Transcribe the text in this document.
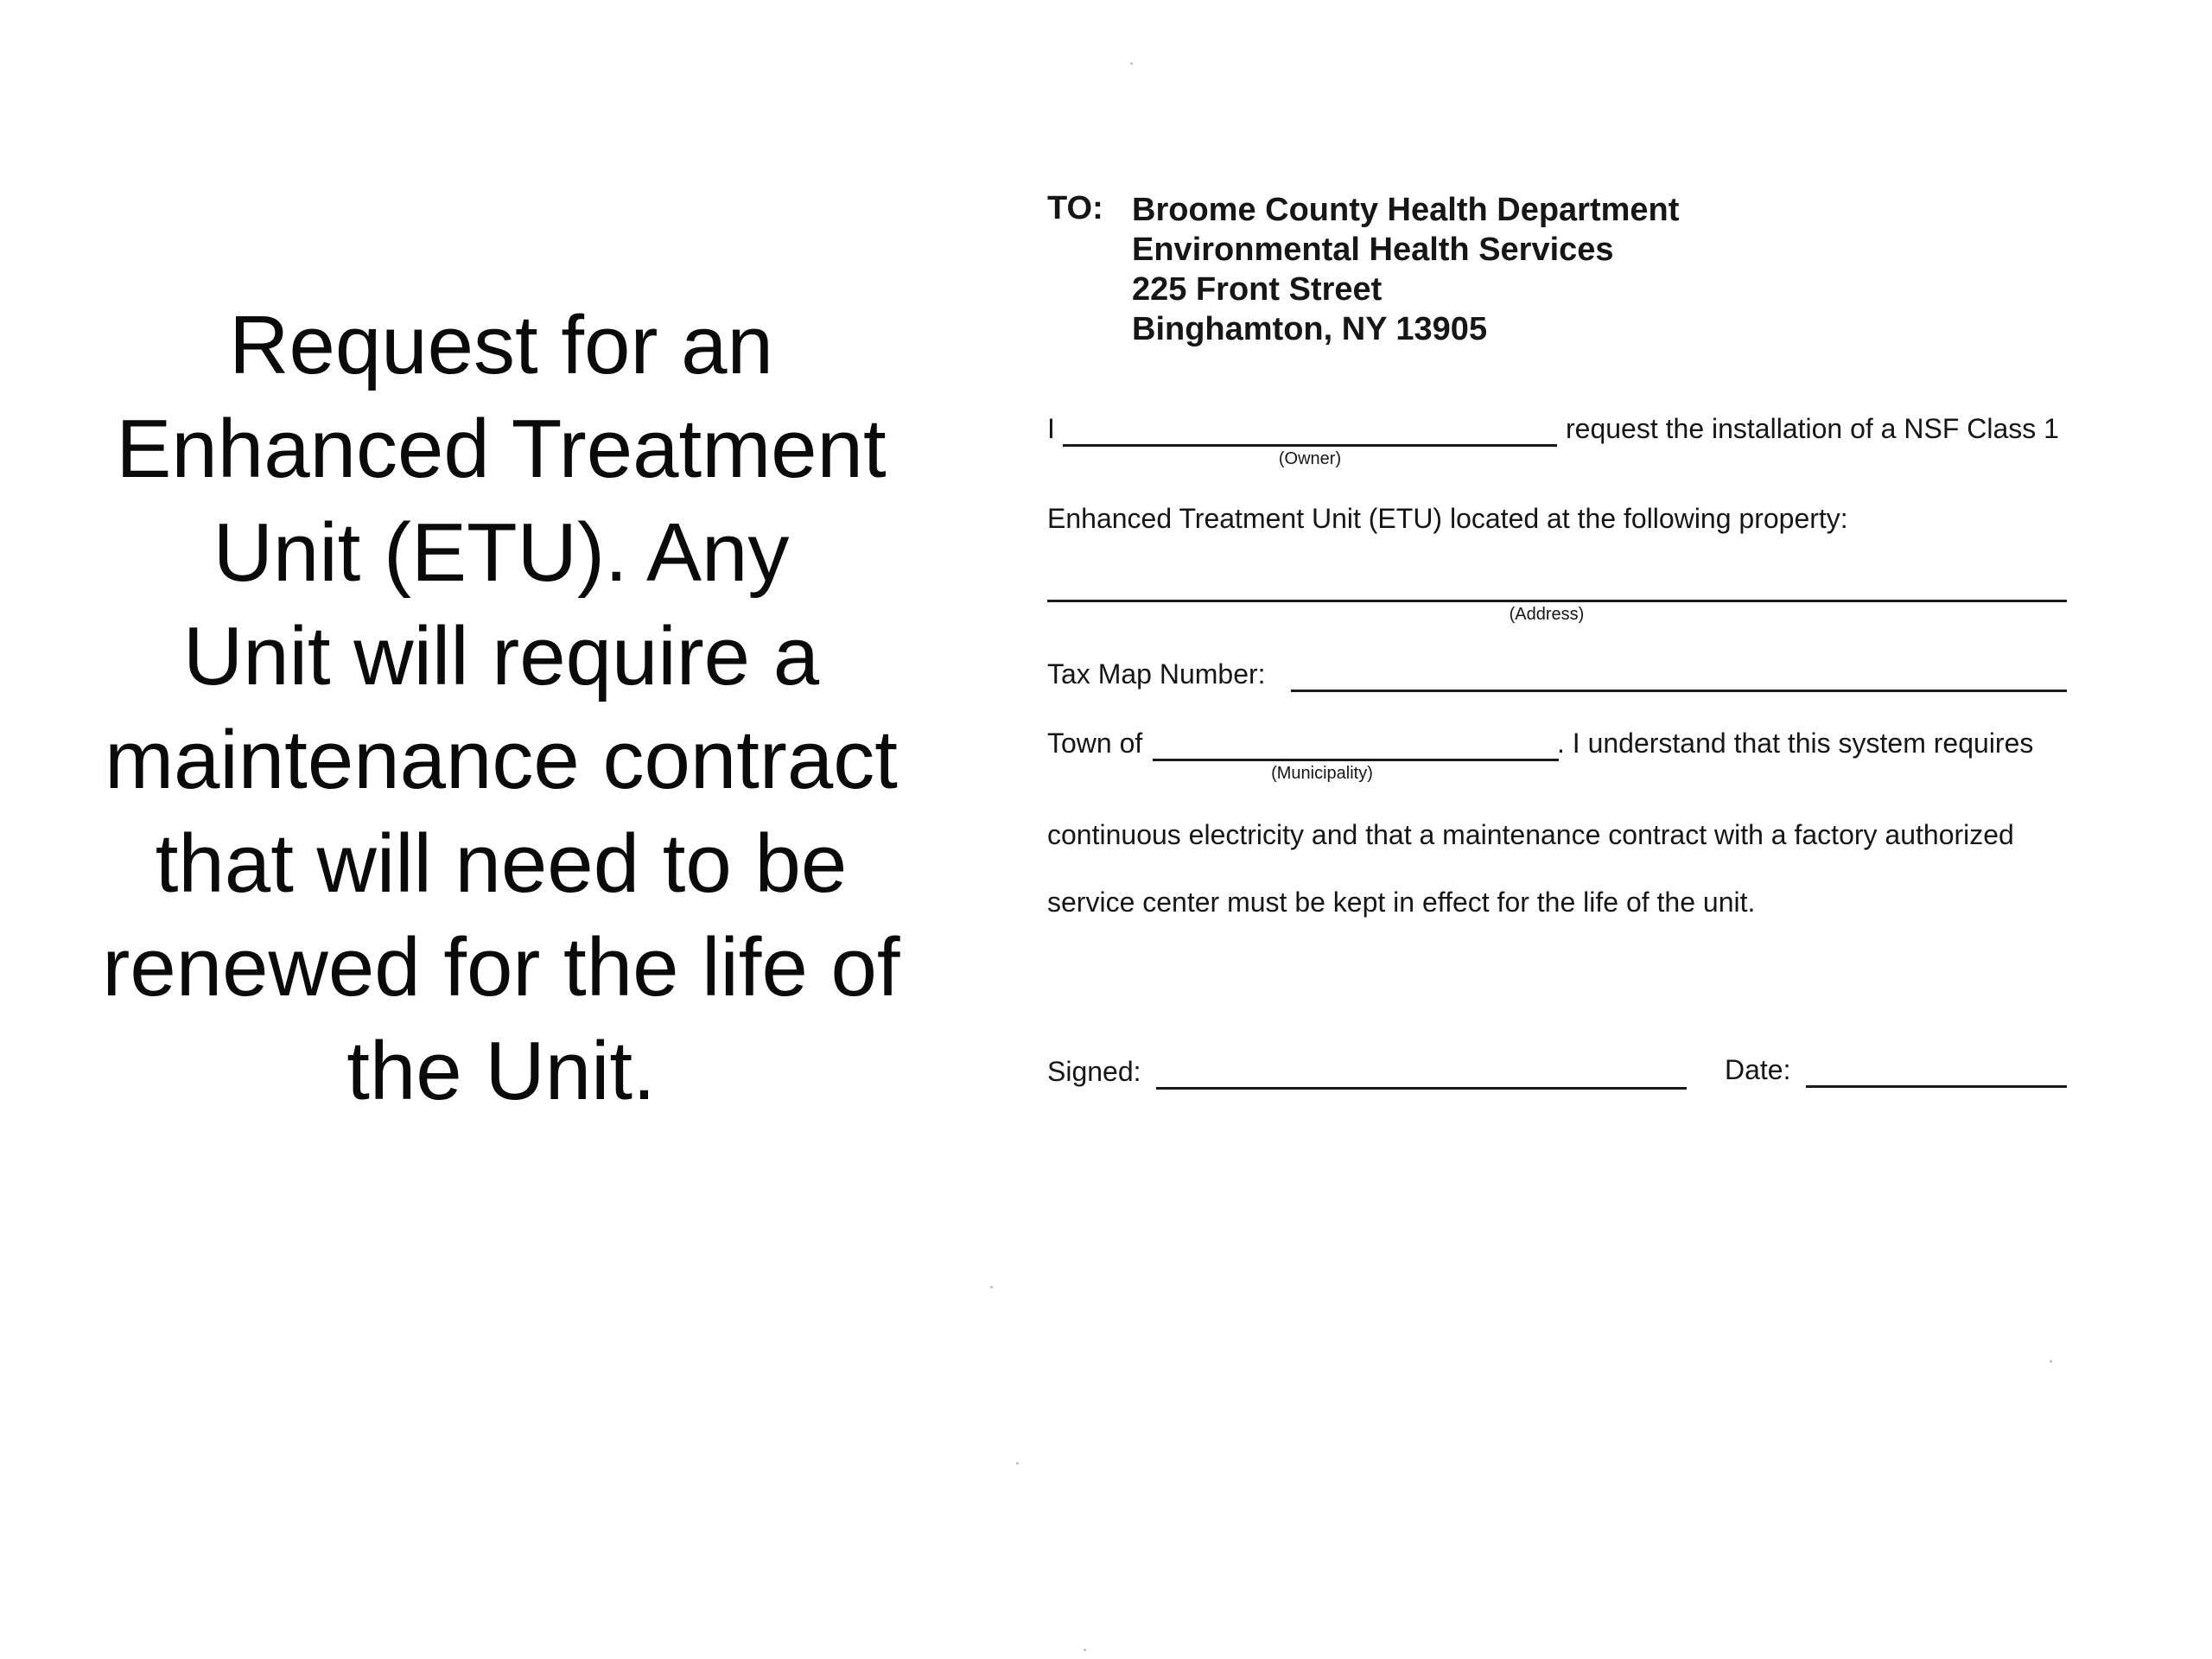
Request for an
Enhanced Treatment
Unit (ETU). Any
Unit will require a
maintenance contract
that will need to be
renewed for the life of
the Unit.
TO: Broome County Health Department
Environmental Health Services
225 Front Street
Binghamton, NY 13905
I
(Owner)
request the installation of a NSF Class 1
Enhanced Treatment Unit (ETU) located at the following property:
(Address)
Tax Map Number:
Town of
(Municipality)
. I understand that this system requires
continuous electricity and that a maintenance contract with a factory authorized
service center must be kept in effect for the life of the unit.
Signed:	Date:
